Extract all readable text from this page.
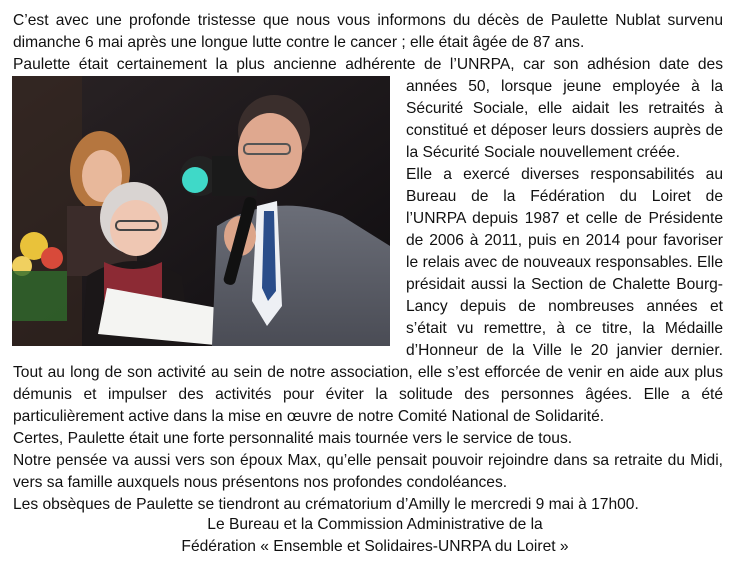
C’est avec une profonde tristesse que nous vous informons du décès de Paulette Nublat survenu
dimanche 6 mai après une longue lutte contre le cancer ; elle était âgée de 87 ans.
Paulette était certainement la plus ancienne adhérente de l’UNRPA, car son adhésion date des
années 50, lorsque jeune employée à la
Sécurité Sociale, elle aidait les retraités à
constitué et déposer leurs dossiers auprès de
la Sécurité Sociale nouvellement créée.
Elle a exercé diverses responsabilités au
Bureau de la Fédération du Loiret de
l’UNRPA depuis 1987 et celle de Présidente
de 2006 à 2011, puis en 2014 pour favoriser
le relais avec de nouveaux responsables. Elle
présidait aussi la Section de Chalette Bourg-
Lancy depuis de nombreuses années et
s’était vu remettre, à ce titre, la Médaille
d’Honneur de la Ville le 20 janvier dernier.
Tout au long de son activité au sein de notre association, elle s’est efforcée de venir en aide aux plus
démunis et impulser des activités pour éviter la solitude des personnes âgées. Elle a été
particulièrement active dans la mise en œuvre de notre Comité National de Solidarité.
Certes, Paulette était une forte personnalité mais tournée vers le service de tous.
Notre pensée va aussi vers son époux Max, qu’elle pensait pouvoir rejoindre dans sa retraite du Midi,
vers sa famille auxquels nous présentons nos profondes condoléances.
Les obsèques de Paulette se tiendront au crématorium d’Amilly le mercredi 9 mai à 17h00.
Le Bureau et la Commission Administrative de la
Fédération « Ensemble et Solidaires-UNRPA du Loiret »
